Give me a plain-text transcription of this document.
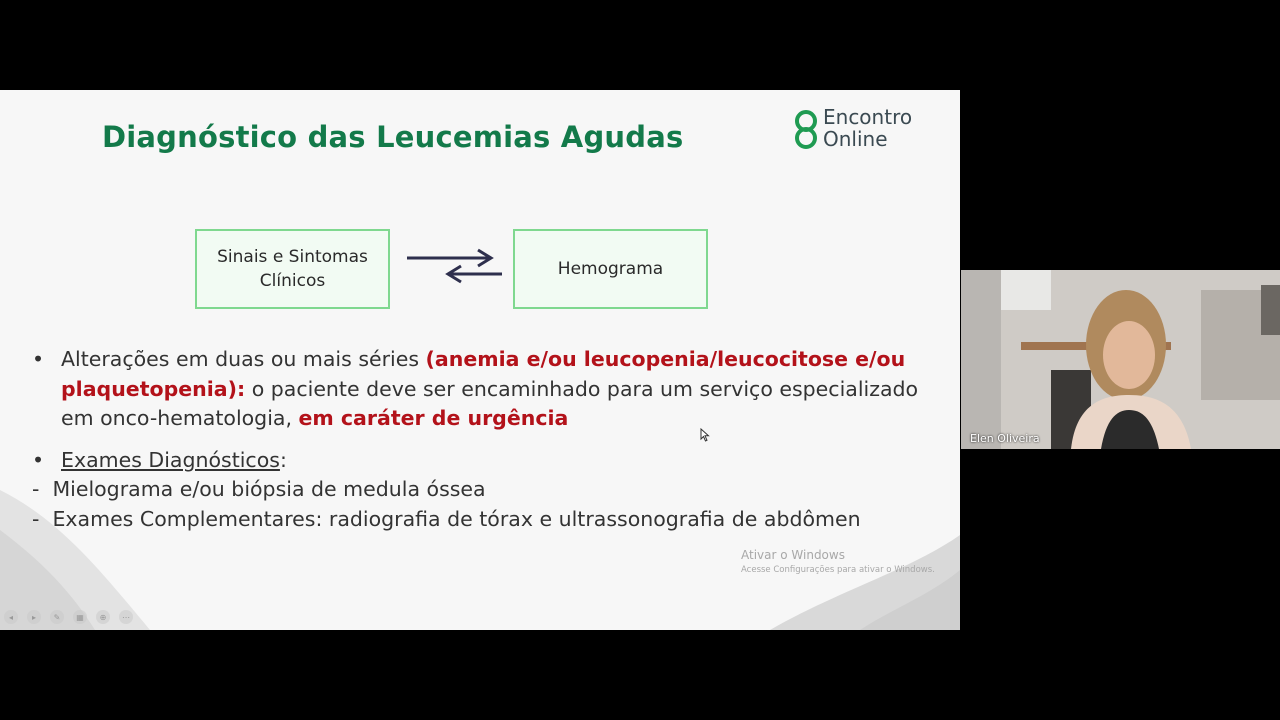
Diagnóstico das Leucemias Agudas
Encontro
Online
Sinais e Sintomas
Clínicos
Hemograma
• Alterações em duas ou mais séries (anemia e/ou leucopenia/leucocitose e/ou
plaquetopenia): o paciente deve ser encaminhado para um serviço especializado
em onco-hematologia, em caráter de urgência
• Exames Diagnósticos:
- Mielograma e/ou biópsia de medula óssea
- Exames Complementares: radiografia de tórax e ultrassonografia de abdômen
Ativar o Windows
Acesse Configurações para ativar o Windows.
◂	▸	✎	▦	⊕	⋯
Elen Oliveira
